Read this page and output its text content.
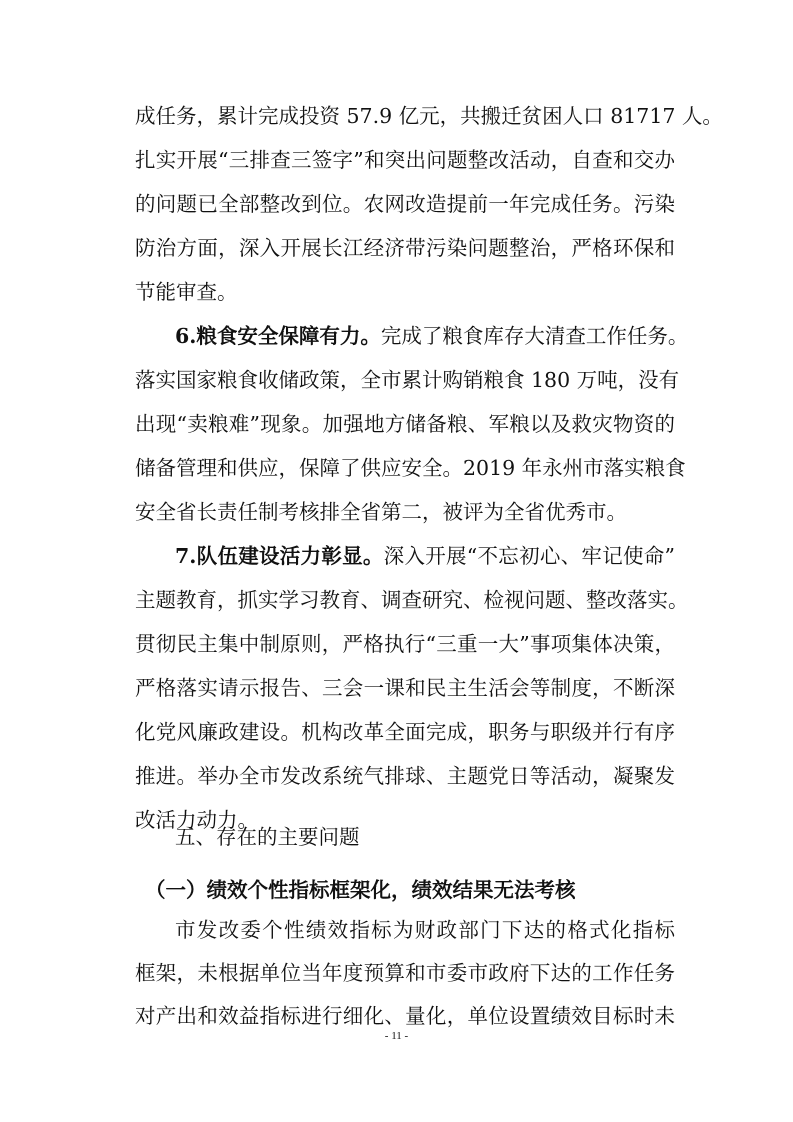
成任务，累计完成投资 57.9 亿元，共搬迁贫困人口 81717 人。
扎实开展“三排查三签字”和突出问题整改活动，自查和交办
的问题已全部整改到位。农网改造提前一年完成任务。污染
防治方面，深入开展长江经济带污染问题整治，严格环保和
节能审查。
6.粮食安全保障有力。完成了粮食库存大清查工作任务。
落实国家粮食收储政策，全市累计购销粮食 180 万吨，没有
出现“卖粮难”现象。加强地方储备粮、军粮以及救灾物资的
储备管理和供应，保障了供应安全。2019 年永州市落实粮食
安全省长责任制考核排全省第二，被评为全省优秀市。
7.队伍建设活力彰显。深入开展“不忘初心、牢记使命”
主题教育，抓实学习教育、调查研究、检视问题、整改落实。
贯彻民主集中制原则，严格执行“三重一大”事项集体决策，
严格落实请示报告、三会一课和民主生活会等制度，不断深
化党风廉政建设。机构改革全面完成，职务与职级并行有序
推进。举办全市发改系统气排球、主题党日等活动，凝聚发
改活力动力。
五、存在的主要问题
（一）绩效个性指标框架化，绩效结果无法考核
市发改委个性绩效指标为财政部门下达的格式化指标
框架，未根据单位当年度预算和市委市政府下达的工作任务
- 11 -
对产出和效益指标进行细化、量化，单位设置绩效目标时未
